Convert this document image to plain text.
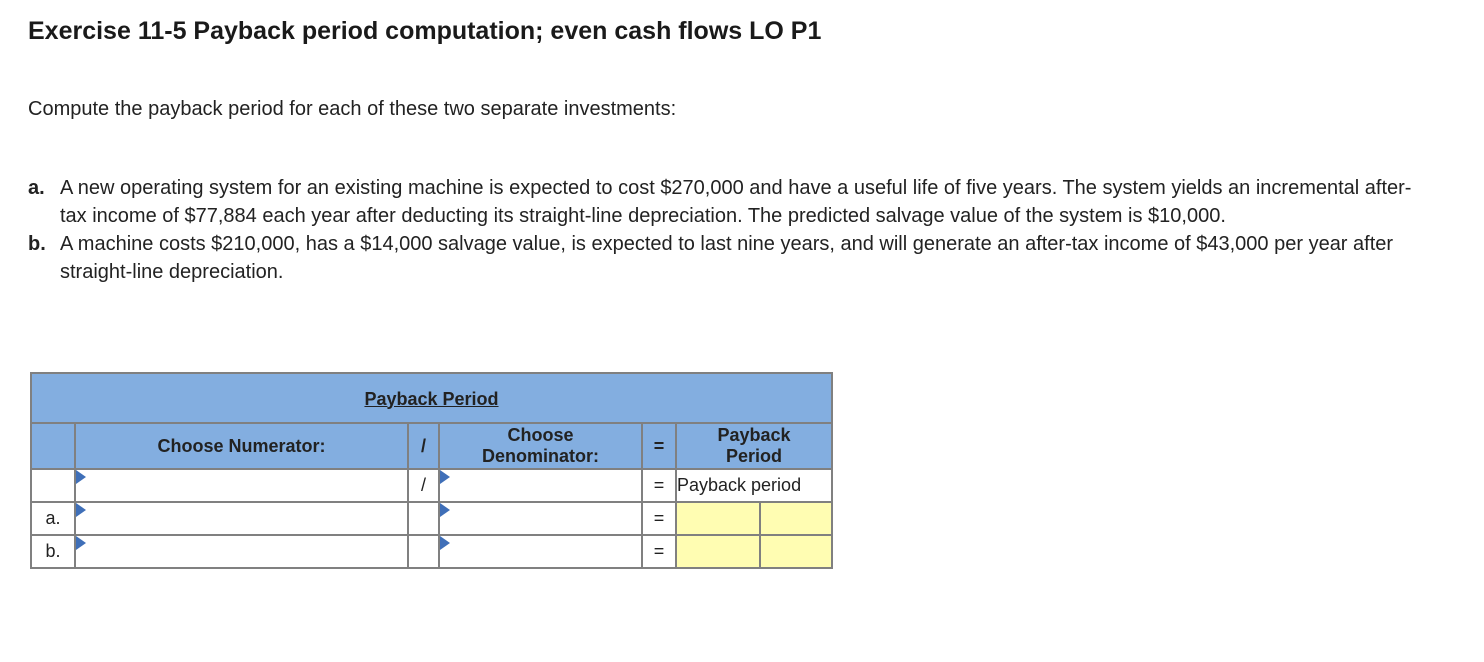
Exercise 11-5 Payback period computation; even cash flows LO P1
Compute the payback period for each of these two separate investments:
a. A new operating system for an existing machine is expected to cost $270,000 and have a useful life of five years. The system yields an incremental after-tax income of $77,884 each year after deducting its straight-line depreciation. The predicted salvage value of the system is $10,000.
b. A machine costs $210,000, has a $14,000 salvage value, is expected to last nine years, and will generate an after-tax income of $43,000 per year after straight-line depreciation.
Payback Period						
	Choose Numerator:	/	Choose Denominator:	=	Payback Period	

	/		=	Payback period	
a.				=		
b.				=		
